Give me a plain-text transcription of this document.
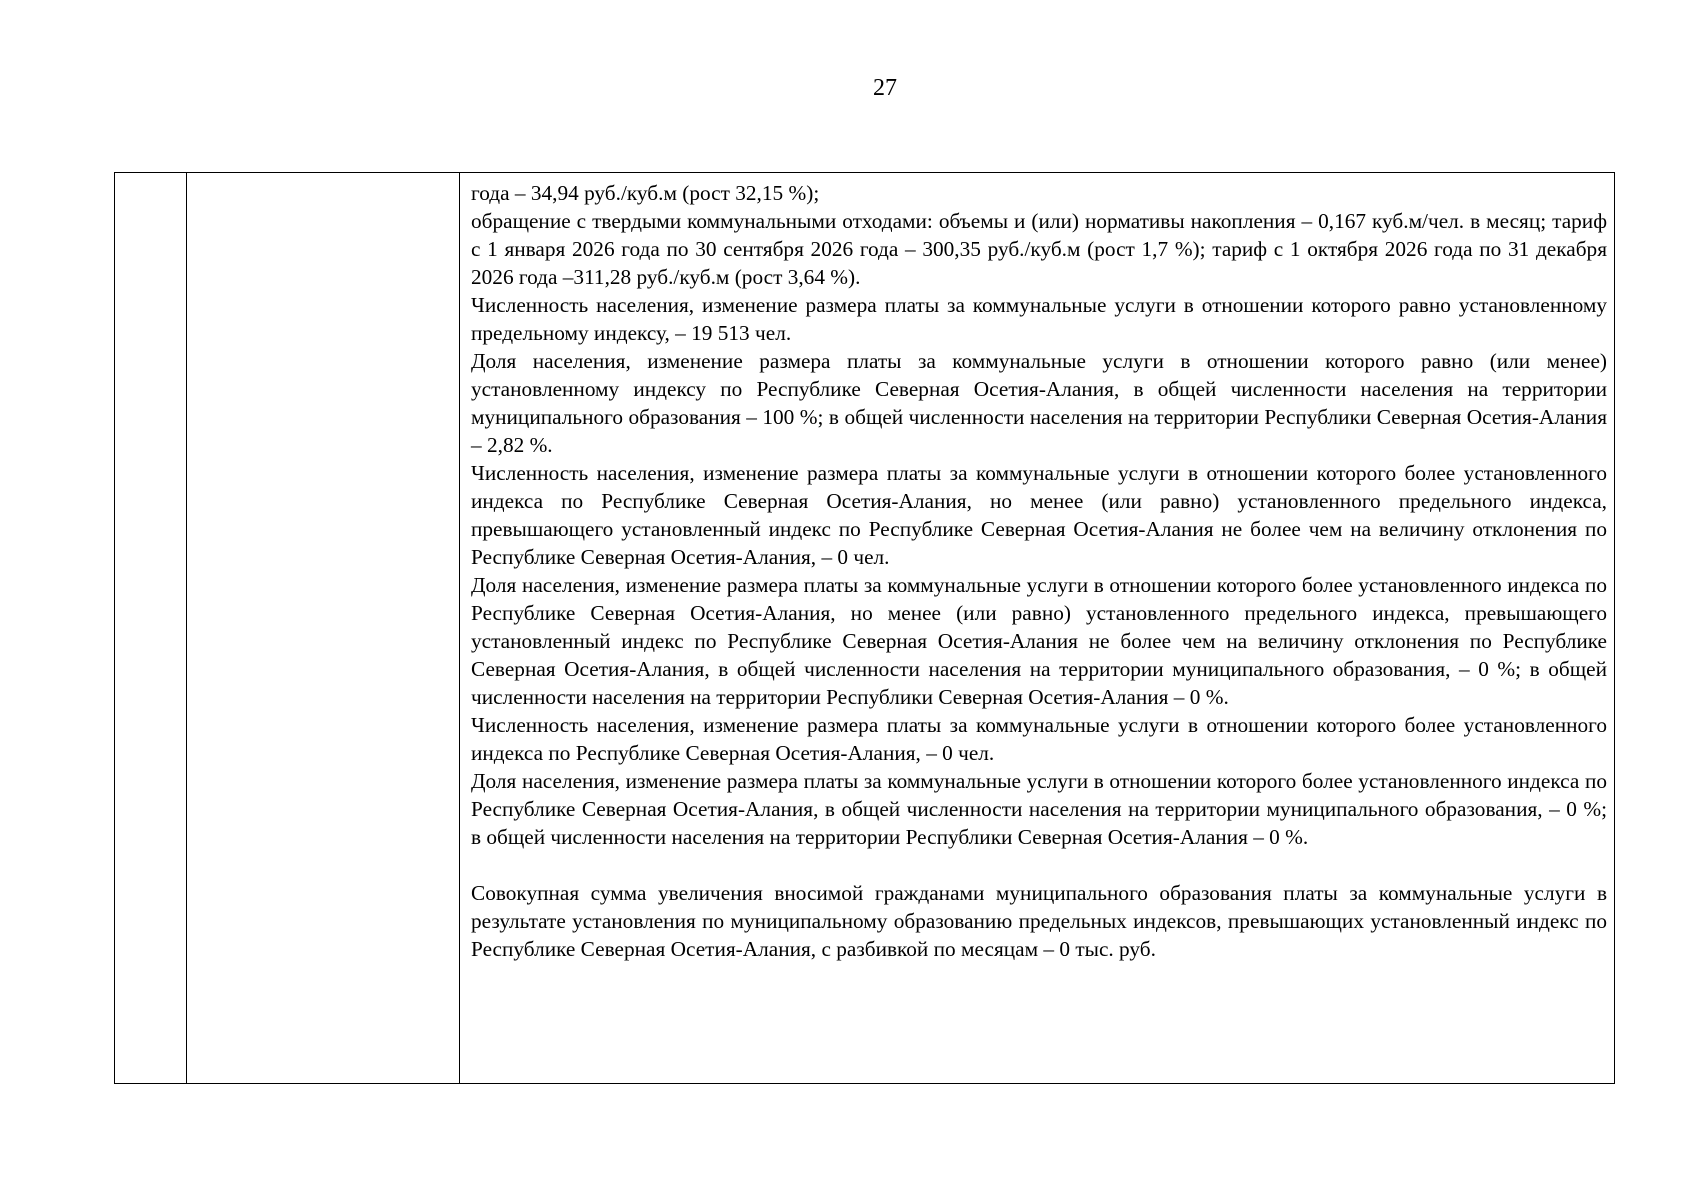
27

года – 34,94 руб./куб.м (рост 32,15 %);

обращение с твердыми коммунальными отходами: объемы и (или) нормативы накопления – 0,167 куб.м/чел. в месяц; тариф с 1 января 2026 года по 30 сентября 2026 года – 300,35 руб./куб.м (рост 1,7 %); тариф с 1 октября 2026 года по 31 декабря 2026 года –311,28 руб./куб.м (рост 3,64 %).

Численность населения, изменение размера платы за коммунальные услуги в отношении которого равно установленному предельному индексу, – 19 513 чел.

Доля населения, изменение размера платы за коммунальные услуги в отношении которого равно (или менее) установленному индексу по Республике Северная Осетия-Алания, в общей численности населения на территории муниципального образования – 100 %; в общей численности населения на территории Республики Северная Осетия-Алания – 2,82 %.

Численность населения, изменение размера платы за коммунальные услуги в отношении которого более установленного индекса по Республике Северная Осетия-Алания, но менее (или равно) установленного предельного индекса, превышающего установленный индекс по Республике Северная Осетия-Алания не более чем на величину отклонения по Республике Северная Осетия-Алания, – 0 чел.

Доля населения, изменение размера платы за коммунальные услуги в отношении которого более установленного индекса по Республике Северная Осетия-Алания, но менее (или равно) установленного предельного индекса, превышающего установленный индекс по Республике Северная Осетия-Алания не более чем на величину отклонения по Республике Северная Осетия-Алания, в общей численности населения на территории муниципального образования, – 0 %; в общей численности населения на территории Республики Северная Осетия-Алания – 0 %.

Численность населения, изменение размера платы за коммунальные услуги в отношении которого более установленного индекса по Республике Северная Осетия-Алания, – 0 чел.

Доля населения, изменение размера платы за коммунальные услуги в отношении которого более установленного индекса по Республике Северная Осетия-Алания, в общей численности населения на территории муниципального образования, – 0 %; в общей численности населения на территории Республики Северная Осетия-Алания – 0 %.

Совокупная сумма увеличения вносимой гражданами муниципального образования платы за коммунальные услуги в результате установления по муниципальному образованию предельных индексов, превышающих установленный индекс по Республике Северная Осетия-Алания, с разбивкой по месяцам – 0 тыс. руб.
